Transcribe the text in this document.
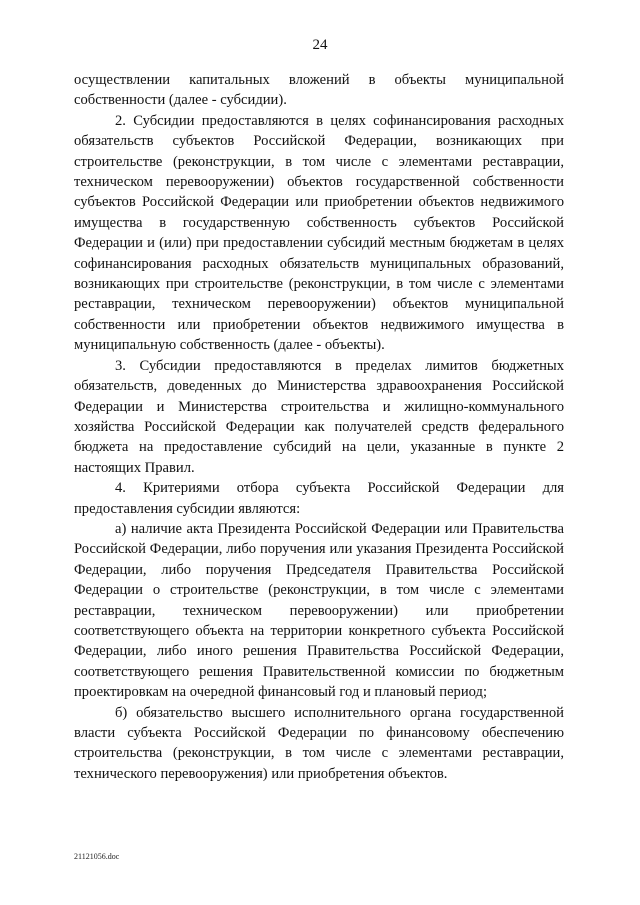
24

осуществлении капитальных вложений в объекты муниципальной собственности (далее - субсидии).

2. Субсидии предоставляются в целях софинансирования расходных обязательств субъектов Российской Федерации, возникающих при строительстве (реконструкции, в том числе с элементами реставрации, техническом перевооружении) объектов государственной собственности субъектов Российской Федерации или приобретении объектов недвижимого имущества в государственную собственность субъектов Российской Федерации и (или) при предоставлении субсидий местным бюджетам в целях софинансирования расходных обязательств муниципальных образований, возникающих при строительстве (реконструкции, в том числе с элементами реставрации, техническом перевооружении) объектов муниципальной собственности или приобретении объектов недвижимого имущества в муниципальную собственность (далее - объекты).

3. Субсидии предоставляются в пределах лимитов бюджетных обязательств, доведенных до Министерства здравоохранения Российской Федерации и Министерства строительства и жилищно-коммунального хозяйства Российской Федерации как получателей средств федерального бюджета на предоставление субсидий на цели, указанные в пункте 2 настоящих Правил.

4. Критериями отбора субъекта Российской Федерации для предоставления субсидии являются:

а) наличие акта Президента Российской Федерации или Правительства Российской Федерации, либо поручения или указания Президента Российской Федерации, либо поручения Председателя Правительства Российской Федерации о строительстве (реконструкции, в том числе с элементами реставрации, техническом перевооружении) или приобретении соответствующего объекта на территории конкретного субъекта Российской Федерации, либо иного решения Правительства Российской Федерации, соответствующего решения Правительственной комиссии по бюджетным проектировкам на очередной финансовый год и плановый период;

б) обязательство высшего исполнительного органа государственной власти субъекта Российской Федерации по финансовому обеспечению строительства (реконструкции, в том числе с элементами реставрации, технического перевооружения) или приобретения объектов.

21121056.doc
